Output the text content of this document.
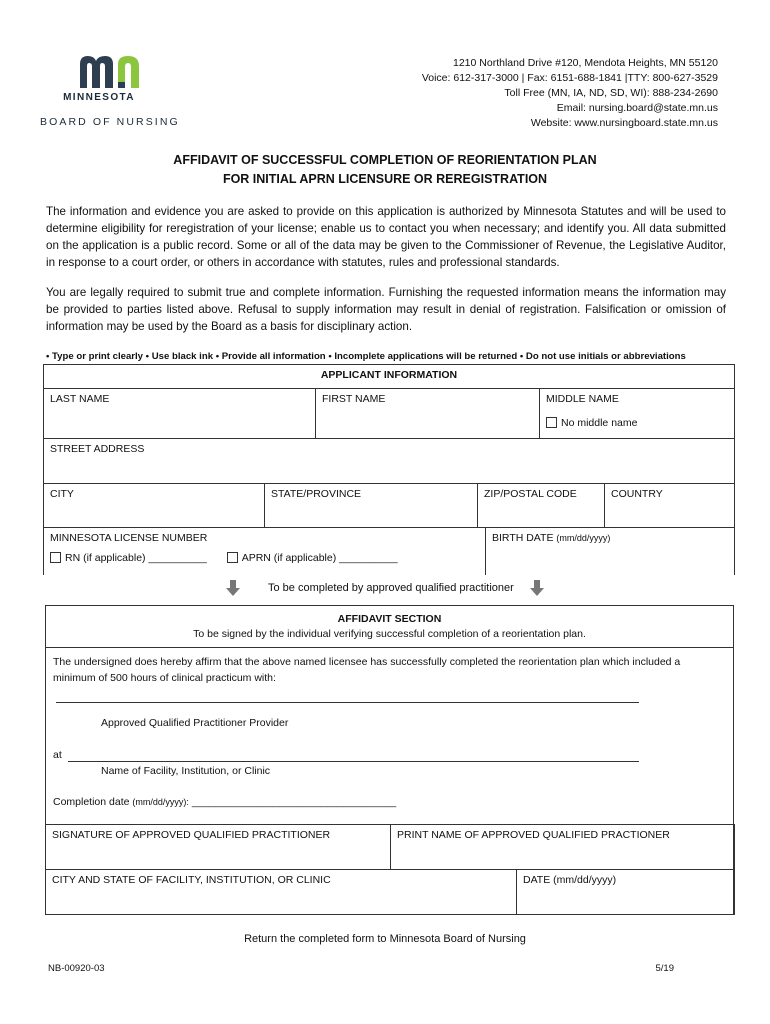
MINNESOTA
BOARD OF NURSING
1210 Northland Drive #120, Mendota Heights, MN 55120
Voice: 612-317-3000 | Fax: 6151-688-1841 |TTY: 800-627-3529
Toll Free (MN, IA, ND, SD, WI): 888-234-2690
Email: nursing.board@state.mn.us
Website: www.nursingboard.state.mn.us
AFFIDAVIT OF SUCCESSFUL COMPLETION OF REORIENTATION PLAN
FOR INITIAL APRN LICENSURE OR REREGISTRATION
The information and evidence you are asked to provide on this application is authorized by Minnesota Statutes and will be used to determine eligibility for reregistration of your license; enable us to contact you when necessary; and identify you. All data submitted on the application is a public record. Some or all of the data may be given to the Commissioner of Revenue, the Legislative Auditor, in response to a court order, or others in accordance with statutes, rules and professional standards.
You are legally required to submit true and complete information. Furnishing the requested information means the information may be provided to parties listed above. Refusal to supply information may result in denial of registration. Falsification or omission of information may be used by the Board as a basis for disciplinary action.
• Type or print clearly • Use black ink • Provide all information • Incomplete applications will be returned • Do not use initials or abbreviations
APPLICANT INFORMATION
LAST NAME	FIRST NAME	MIDDLE NAME
No middle name
STREET ADDRESS
CITY	STATE/PROVINCE	ZIP/POSTAL CODE	COUNTRY
MINNESOTA LICENSE NUMBER
RN (if applicable) __________	APRN (if applicable) __________
BIRTH DATE (mm/dd/yyyy)
To be completed by approved qualified practitioner
AFFIDAVIT SECTION
To be signed by the individual verifying successful completion of a reorientation plan.
The undersigned does hereby affirm that the above named licensee has successfully completed the reorientation plan which included a minimum of 500 hours of clinical practicum with:
Approved Qualified Practitioner Provider
at
Name of Facility, Institution, or Clinic
Completion date (mm/dd/yyyy): ___________________________________
SIGNATURE OF APPROVED QUALIFIED PRACTITIONER	PRINT NAME OF APPROVED QUALIFIED PRACTIONER
CITY AND STATE OF FACILITY, INSTITUTION, OR CLINIC	DATE (mm/dd/yyyy)
Return the completed form to Minnesota Board of Nursing
NB-00920-03	5/19
